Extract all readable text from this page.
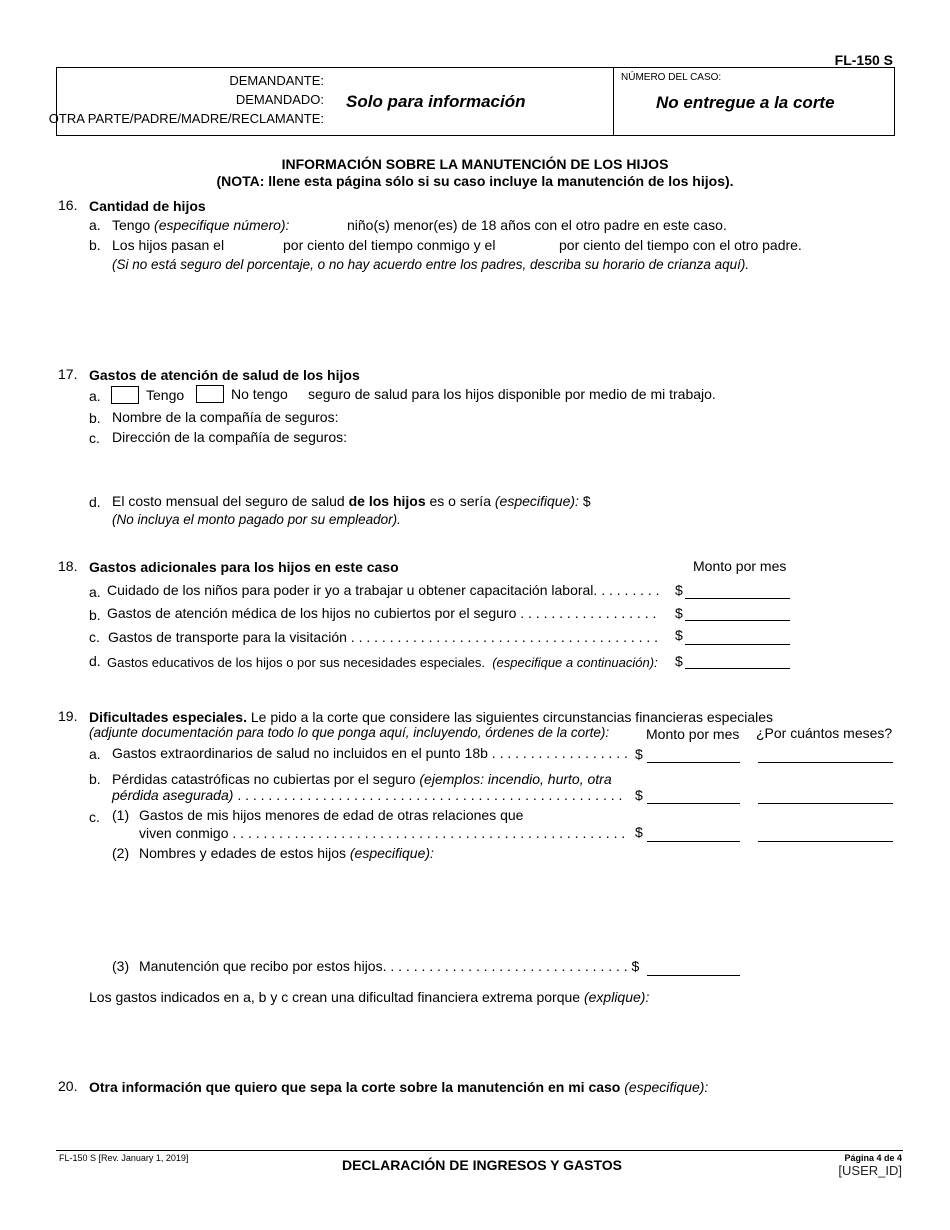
FL-150 S
DEMANDANTE:
DEMANDADO:
OTRA PARTE/PADRE/MADRE/RECLAMANTE:
Solo para información
NÚMERO DEL CASO:
No entregue a la corte
INFORMACIÓN SOBRE LA MANUTENCIÓN DE LOS HIJOS
(NOTA: llene esta página sólo si su caso incluye la manutención de los hijos).
16. Cantidad de hijos
a. Tengo (especifique número):	niño(s) menor(es) de 18 años con el otro padre en este caso.
b. Los hijos pasan el	por ciento del tiempo conmigo y el	por ciento del tiempo con el otro padre.
(Si no está seguro del porcentaje, o no hay acuerdo entre los padres, describa su horario de crianza aquí).
17. Gastos de atención de salud de los hijos
a.	Tengo	No tengo seguro de salud para los hijos disponible por medio de mi trabajo.
b. Nombre de la compañía de seguros:
c. Dirección de la compañía de seguros:
d. El costo mensual del seguro de salud de los hijos es o sería (especifique): $
(No incluya el monto pagado por su empleador).
18. Gastos adicionales para los hijos en este caso	Monto por mes
a. Cuidado de los niños para poder ir yo a trabajar u obtener capacitación laboral. . . . . . . . . $
b. Gastos de atención médica de los hijos no cubiertos por el seguro . . . . . . . . . . . . . . . . . . $
c. Gastos de transporte para la visitación . . . . . . . . . . . . . . . . . . . . . . . . . . . . . . . . . . . . . . . . $
d. Gastos educativos de los hijos o por sus necesidades especiales. (especifique a continuación): $
19. Dificultades especiales. Le pido a la corte que considere las siguientes circunstancias financieras especiales
(adjunte documentación para todo lo que ponga aquí, incluyendo, órdenes de la corte):	Monto por mes ¿Por cuántos meses?
a. Gastos extraordinarios de salud no incluidos en el punto 18b . . . . . . . . . . . . . . . . . . $
b. Pérdidas catastróficas no cubiertas por el seguro (ejemplos: incendio, hurto, otra
pérdida asegurada) . . . . . . . . . . . . . . . . . . . . . . . . . . . . . . . . . . . . . . . . . . . . . . . . . . $
c. (1) Gastos de mis hijos menores de edad de otras relaciones que
viven conmigo . . . . . . . . . . . . . . . . . . . . . . . . . . . . . . . . . . . . . . . . . . . . . . . . . . . $
(2) Nombres y edades de estos hijos (especifique):
(3) Manutención que recibo por estos hijos. . . . . . . . . . . . . . . . . . . . . . . . . . . . . . . . $
Los gastos indicados en a, b y c crean una dificultad financiera extrema porque (explique):
20. Otra información que quiero que sepa la corte sobre la manutención en mi caso (especifique):
FL-150 S [Rev. January 1, 2019]	DECLARACIÓN DE INGRESOS Y GASTOS	Página 4 de 4
[USER_ID]
